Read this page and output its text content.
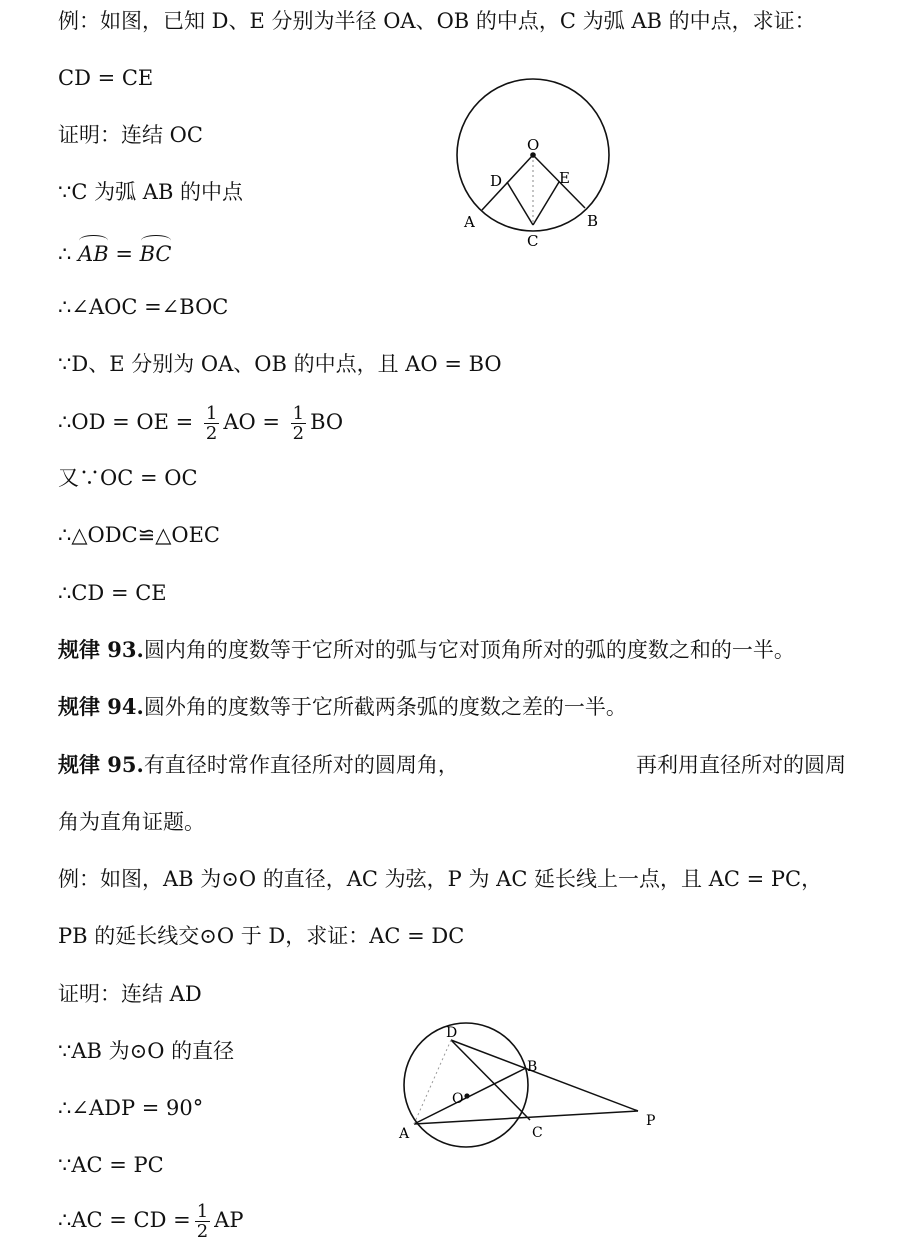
例：如图，已知 D、E 分别为半径 OA、OB 的中点，C 为弧 AB 的中点，求证：
CD = CE
证明：连结 OC
∵C 为弧 AB 的中点
∴ AB = BC
∴∠AOC =∠BOC
∵D、E 分别为 OA、OB 的中点，且 AO = BO
∴OD = OE = $\frac{1}{2}$ AO = $\frac{1}{2}$ BO
又∵OC = OC
∴△ODC≌△OEC
∴CD = CE
O
D	E
A	B
C
规律 93.圆内角的度数等于它所对的弧与它对顶角所对的弧的度数之和的一半。
规律 94.圆外角的度数等于它所截两条弧的度数之差的一半。
规律 95.有直径时常作直径所对的圆周角，	再利用直径所对的圆周
角为直角证题。
例：如图，AB 为⊙O 的直径，AC 为弦，P 为 AC 延长线上一点，且 AC = PC，
PB 的延长线交⊙O 于 D，求证：AC = DC
证明：连结 AD
∵AB 为⊙O 的直径
∴∠ADP = 90°
∵AC = PC
∴AC = CD = $\frac{1}{2}$ AP
D
B
O
A	C
P
